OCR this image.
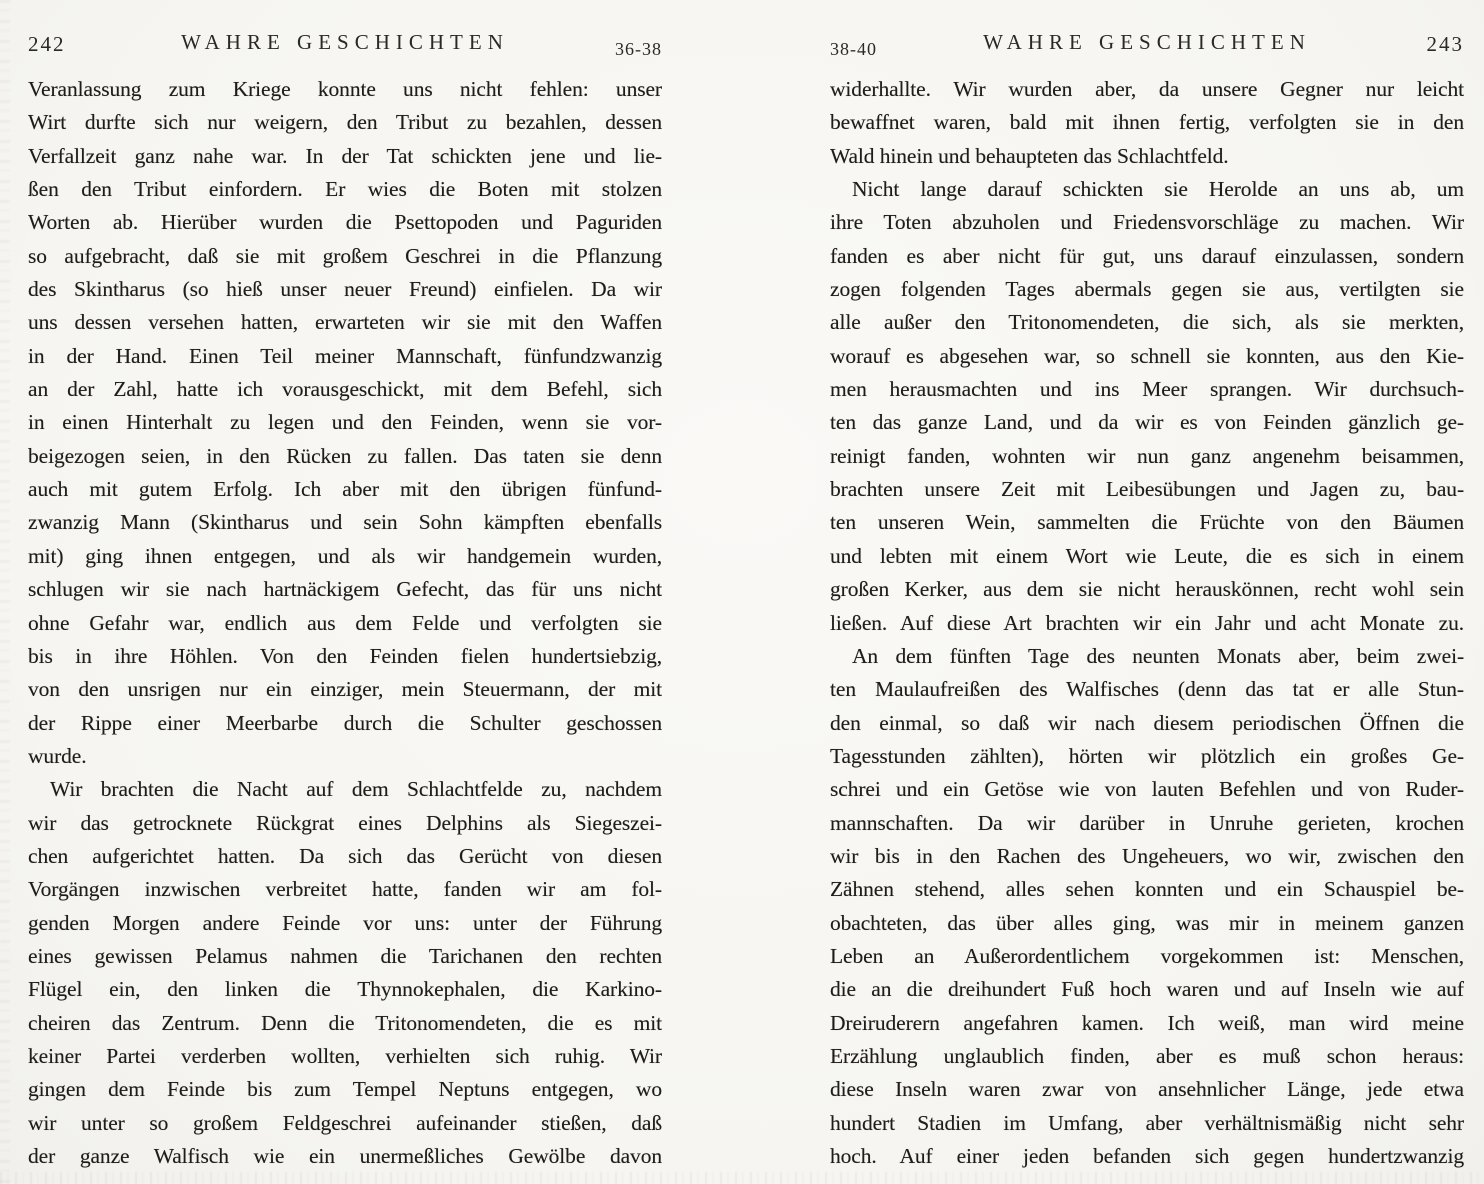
242	WAHRE GESCHICHTEN	36-38
Veranlassung zum Kriege konnte uns nicht fehlen: unser
Wirt durfte sich nur weigern, den Tribut zu bezahlen, dessen
Verfallzeit ganz nahe war. In der Tat schickten jene und lie-
ßen den Tribut einfordern. Er wies die Boten mit stolzen
Worten ab. Hierüber wurden die Psettopoden und Paguriden
so aufgebracht, daß sie mit großem Geschrei in die Pflanzung
des Skintharus (so hieß unser neuer Freund) einfielen. Da wir
uns dessen versehen hatten, erwarteten wir sie mit den Waffen
in der Hand. Einen Teil meiner Mannschaft, fünfundzwanzig
an der Zahl, hatte ich vorausgeschickt, mit dem Befehl, sich
in einen Hinterhalt zu legen und den Feinden, wenn sie vor-
beigezogen seien, in den Rücken zu fallen. Das taten sie denn
auch mit gutem Erfolg. Ich aber mit den übrigen fünfund-
zwanzig Mann (Skintharus und sein Sohn kämpften ebenfalls
mit) ging ihnen entgegen, und als wir handgemein wurden,
schlugen wir sie nach hartnäckigem Gefecht, das für uns nicht
ohne Gefahr war, endlich aus dem Felde und verfolgten sie
bis in ihre Höhlen. Von den Feinden fielen hundertsiebzig,
von den unsrigen nur ein einziger, mein Steuermann, der mit
der Rippe einer Meerbarbe durch die Schulter geschossen
wurde.
Wir brachten die Nacht auf dem Schlachtfelde zu, nachdem
wir das getrocknete Rückgrat eines Delphins als Siegeszei-
chen aufgerichtet hatten. Da sich das Gerücht von diesen
Vorgängen inzwischen verbreitet hatte, fanden wir am fol-
genden Morgen andere Feinde vor uns: unter der Führung
eines gewissen Pelamus nahmen die Tarichanen den rechten
Flügel ein, den linken die Thynnokephalen, die Karkino-
cheiren das Zentrum. Denn die Tritonomendeten, die es mit
keiner Partei verderben wollten, verhielten sich ruhig. Wir
gingen dem Feinde bis zum Tempel Neptuns entgegen, wo
wir unter so großem Feldgeschrei aufeinander stießen, daß
der ganze Walfisch wie ein unermeßliches Gewölbe davon
38-40	WAHRE GESCHICHTEN	243
widerhallte. Wir wurden aber, da unsere Gegner nur leicht
bewaffnet waren, bald mit ihnen fertig, verfolgten sie in den
Wald hinein und behaupteten das Schlachtfeld.
Nicht lange darauf schickten sie Herolde an uns ab, um
ihre Toten abzuholen und Friedensvorschläge zu machen. Wir
fanden es aber nicht für gut, uns darauf einzulassen, sondern
zogen folgenden Tages abermals gegen sie aus, vertilgten sie
alle außer den Tritonomendeten, die sich, als sie merkten,
worauf es abgesehen war, so schnell sie konnten, aus den Kie-
men herausmachten und ins Meer sprangen. Wir durchsuch-
ten das ganze Land, und da wir es von Feinden gänzlich ge-
reinigt fanden, wohnten wir nun ganz angenehm beisammen,
brachten unsere Zeit mit Leibesübungen und Jagen zu, bau-
ten unseren Wein, sammelten die Früchte von den Bäumen
und lebten mit einem Wort wie Leute, die es sich in einem
großen Kerker, aus dem sie nicht herauskönnen, recht wohl sein
ließen. Auf diese Art brachten wir ein Jahr und acht Monate zu.
An dem fünften Tage des neunten Monats aber, beim zwei-
ten Maulaufreißen des Walfisches (denn das tat er alle Stun-
den einmal, so daß wir nach diesem periodischen Öffnen die
Tagesstunden zählten), hörten wir plötzlich ein großes Ge-
schrei und ein Getöse wie von lauten Befehlen und von Ruder-
mannschaften. Da wir darüber in Unruhe gerieten, krochen
wir bis in den Rachen des Ungeheuers, wo wir, zwischen den
Zähnen stehend, alles sehen konnten und ein Schauspiel be-
obachteten, das über alles ging, was mir in meinem ganzen
Leben an Außerordentlichem vorgekommen ist: Menschen,
die an die dreihundert Fuß hoch waren und auf Inseln wie auf
Dreiruderern angefahren kamen. Ich weiß, man wird meine
Erzählung unglaublich finden, aber es muß schon heraus:
diese Inseln waren zwar von ansehnlicher Länge, jede etwa
hundert Stadien im Umfang, aber verhältnismäßig nicht sehr
hoch. Auf einer jeden befanden sich gegen hundertzwanzig
